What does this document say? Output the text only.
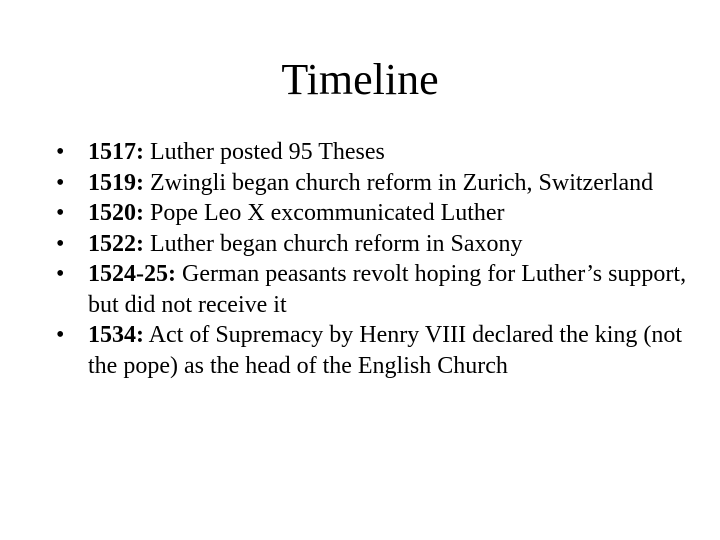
Timeline
• 1517: Luther posted 95 Theses
• 1519: Zwingli began church reform in Zurich, Switzerland
• 1520: Pope Leo X excommunicated Luther
• 1522: Luther began church reform in Saxony
• 1524-25: German peasants revolt hoping for Luther’s support, but did not receive it
• 1534: Act of Supremacy by Henry VIII declared the king (not the pope) as the head of the English Church
